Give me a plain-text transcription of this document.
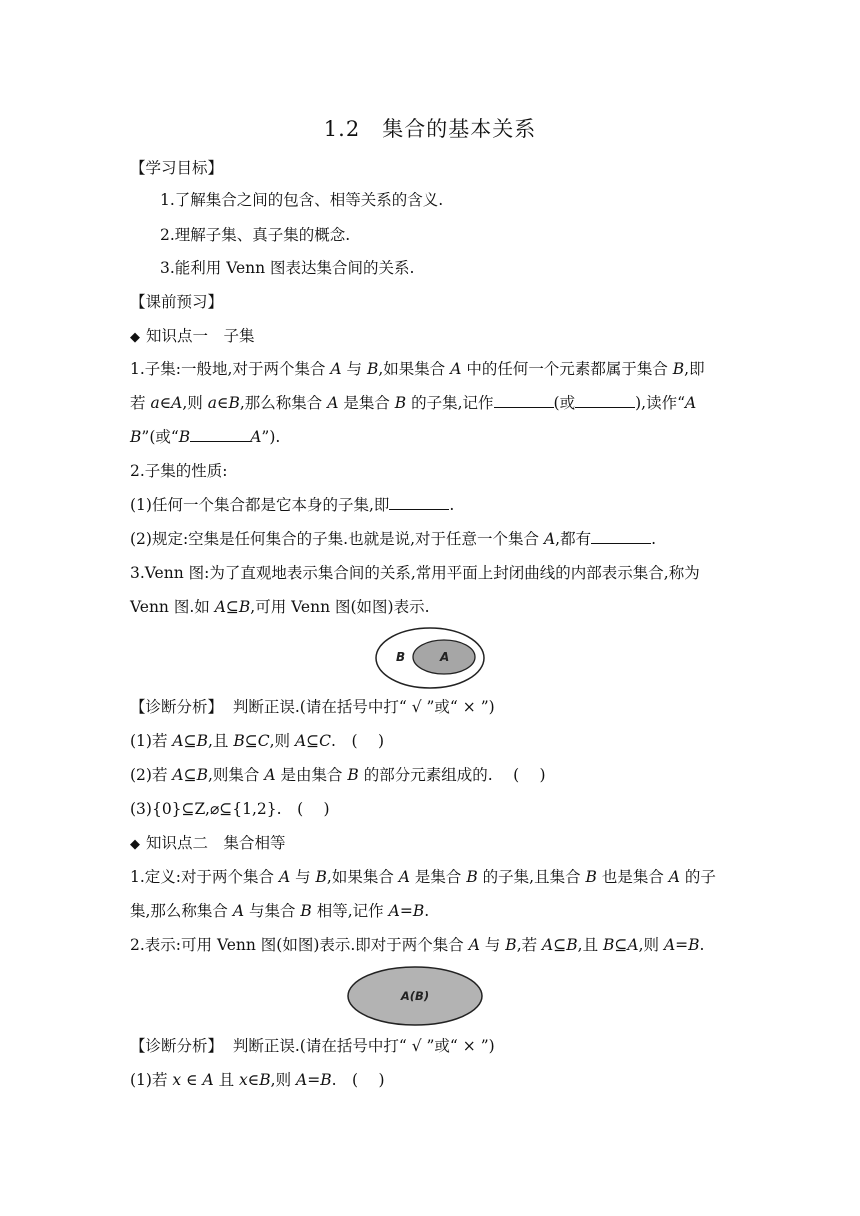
1.2　集合的基本关系
【学习目标】
1.了解集合之间的包含、相等关系的含义.
2.理解子集、真子集的概念.
3.能利用 Venn 图表达集合间的关系.
【课前预习】
◆ 知识点一　子集
1.子集:一般地,对于两个集合 A 与 B,如果集合 A 中的任何一个元素都属于集合 B,即
若 a∈A,则 a∈B,那么称集合 A 是集合 B 的子集,记作	(或	),读作“A
B”(或“B	A”).
2.子集的性质:
(1)任何一个集合都是它本身的子集,即	.
(2)规定:空集是任何集合的子集.也就是说,对于任意一个集合 A,都有	.
3.Venn 图:为了直观地表示集合间的关系,常用平面上封闭曲线的内部表示集合,称为
Venn 图.如 A⊆B,可用 Venn 图(如图)表示.
B	A
【诊断分析】 判断正误.(请在括号中打“ √ ”或“ × ”)
(1)若 A⊆B,且 B⊆C,则 A⊆C.　(　 )
(2)若 A⊆B,则集合 A 是由集合 B 的部分元素组成的.　 (　 )
(3){0}⊆Z,⌀⊆{1,2}.　(　 )
◆ 知识点二　集合相等
1.定义:对于两个集合 A 与 B,如果集合 A 是集合 B 的子集,且集合 B 也是集合 A 的子
集,那么称集合 A 与集合 B 相等,记作 A=B.
2.表示:可用 Venn 图(如图)表示.即对于两个集合 A 与 B,若 A⊆B,且 B⊆A,则 A=B.
A(B)
【诊断分析】 判断正误.(请在括号中打“ √ ”或“ × ”)
(1)若 x ∈ A 且 x∈B,则 A=B.　(　 )
